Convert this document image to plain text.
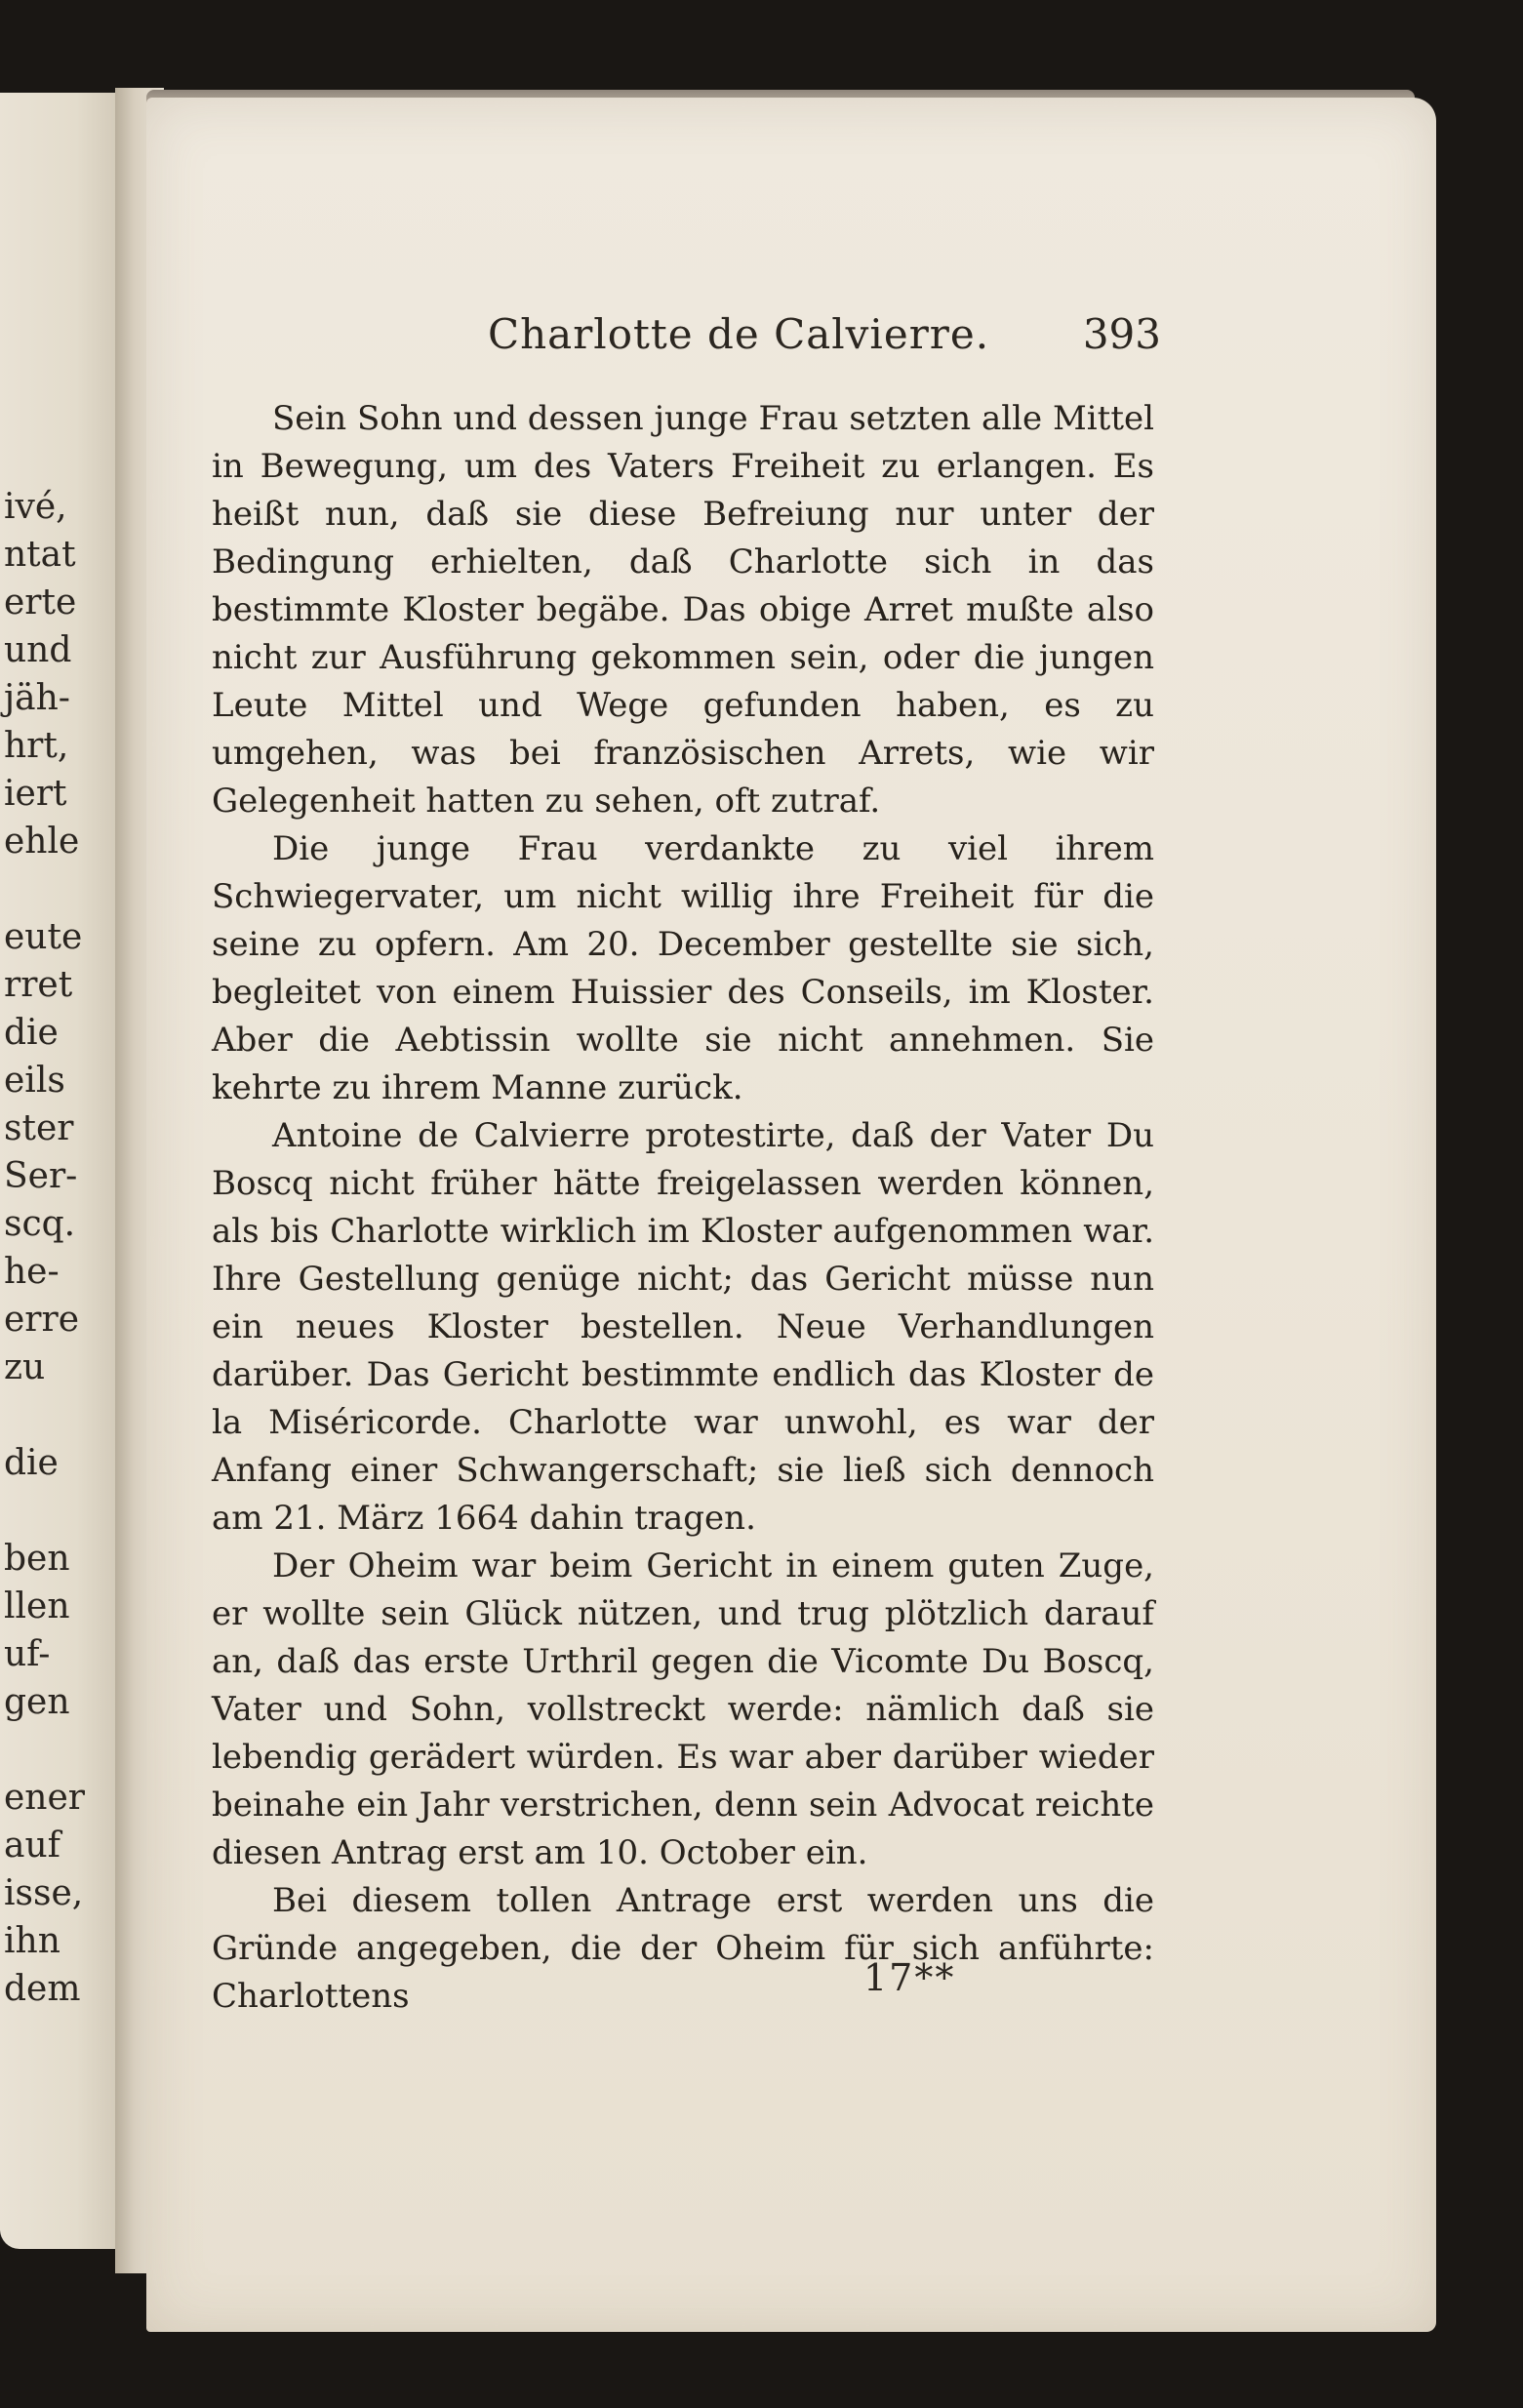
ivé,
ntat
erte
und
jäh-
hrt,
iert
ehle

eute
rret
die
eils
ster
Ser-
scq.
he-
erre
zu

die

ben
llen
uf-
gen

ener
auf
isse,
ihn
dem
Charlotte de Calvierre. 393

Sein Sohn und dessen junge Frau setzten alle Mittel in Bewegung, um des Vaters Freiheit zu erlangen. Es heißt nun, daß sie diese Befreiung nur unter der Bedingung erhielten, daß Charlotte sich in das bestimmte Kloster begäbe. Das obige Arret mußte also nicht zur Ausführung gekommen sein, oder die jungen Leute Mittel und Wege gefunden haben, es zu umgehen, was bei französischen Arrets, wie wir Gelegenheit hatten zu sehen, oft zutraf.

Die junge Frau verdankte zu viel ihrem Schwiegervater, um nicht willig ihre Freiheit für die seine zu opfern. Am 20. December gestellte sie sich, begleitet von einem Huissier des Conseils, im Kloster. Aber die Aebtissin wollte sie nicht annehmen. Sie kehrte zu ihrem Manne zurück.

Antoine de Calvierre protestirte, daß der Vater Du Boscq nicht früher hätte freigelassen werden können, als bis Charlotte wirklich im Kloster aufgenommen war. Ihre Gestellung genüge nicht; das Gericht müsse nun ein neues Kloster bestellen. Neue Verhandlungen darüber. Das Gericht bestimmte endlich das Kloster de la Miséricorde. Charlotte war unwohl, es war der Anfang einer Schwangerschaft; sie ließ sich dennoch am 21. März 1664 dahin tragen.

Der Oheim war beim Gericht in einem guten Zuge, er wollte sein Glück nützen, und trug plötzlich darauf an, daß das erste Urthril gegen die Vicomte Du Boscq, Vater und Sohn, vollstreckt werde: nämlich daß sie lebendig gerädert würden. Es war aber darüber wieder beinahe ein Jahr verstrichen, denn sein Advocat reichte diesen Antrag erst am 10. October ein.

Bei diesem tollen Antrage erst werden uns die Gründe angegeben, die der Oheim für sich anführte: Charlottens	17**
